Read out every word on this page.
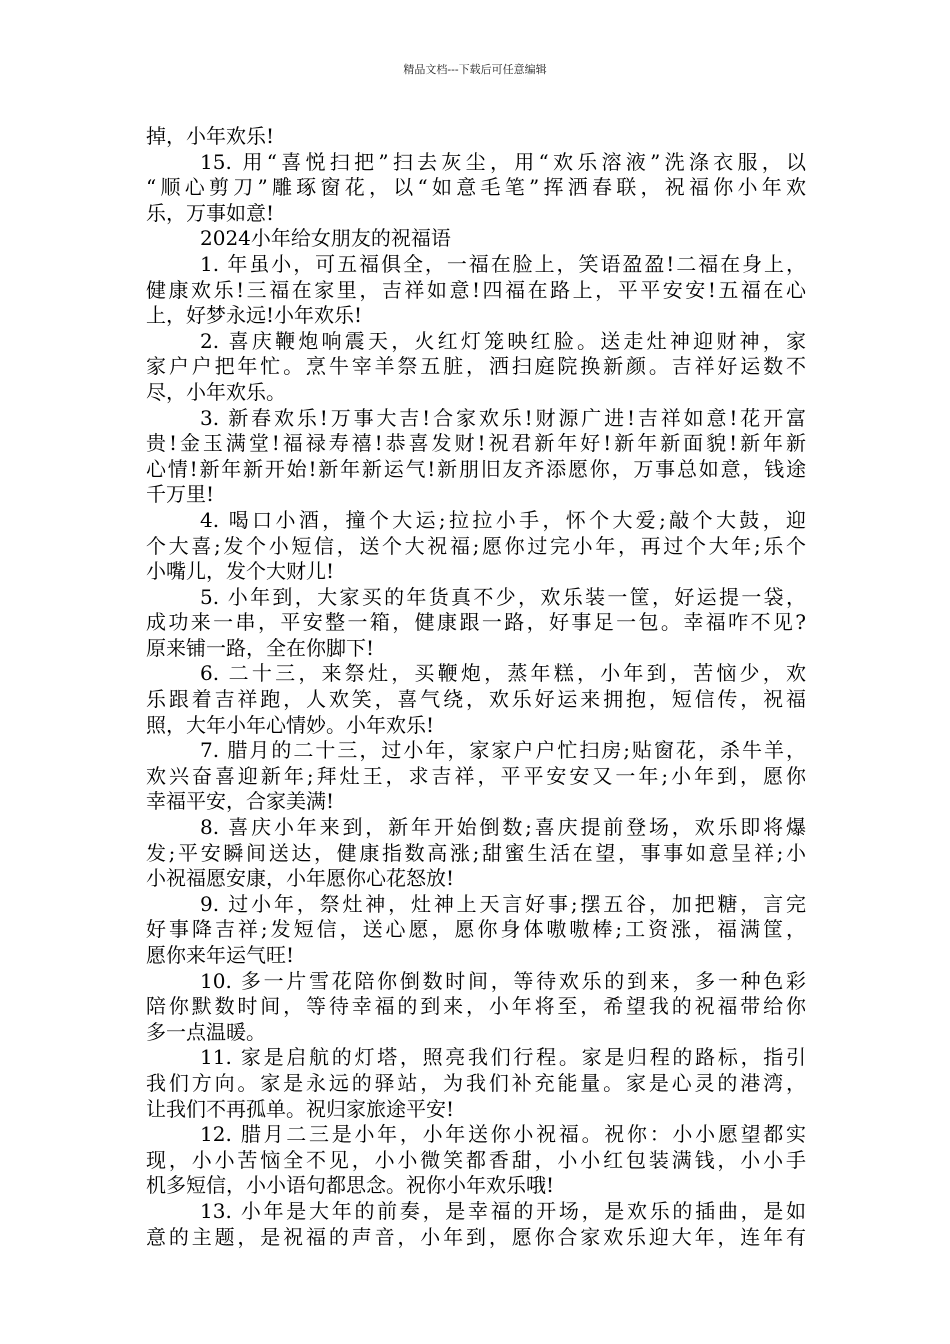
精品文档---下载后可任意编辑
掉，小年欢乐!
15. 用“喜悦扫把”扫去灰尘，用“欢乐溶液”洗涤衣服，以
“顺心剪刀”雕琢窗花，以“如意毛笔”挥洒春联，祝福你小年欢
乐，万事如意!
2024小年给女朋友的祝福语
1. 年虽小，可五福俱全，一福在脸上，笑语盈盈!二福在身上，
健康欢乐!三福在家里，吉祥如意!四福在路上，平平安安!五福在心
上，好梦永远!小年欢乐!
2. 喜庆鞭炮响震天，火红灯笼映红脸。送走灶神迎财神，家
家户户把年忙。烹牛宰羊祭五脏，洒扫庭院换新颜。吉祥好运数不
尽，小年欢乐。
3. 新春欢乐!万事大吉!合家欢乐!财源广进!吉祥如意!花开富
贵!金玉满堂!福禄寿禧!恭喜发财!祝君新年好!新年新面貌!新年新
心情!新年新开始!新年新运气!新朋旧友齐添愿你，万事总如意，钱途
千万里!
4. 喝口小酒，撞个大运;拉拉小手，怀个大爱;敲个大鼓，迎
个大喜;发个小短信，送个大祝福;愿你过完小年，再过个大年;乐个
小嘴儿，发个大财儿!
5. 小年到，大家买的年货真不少，欢乐装一筐，好运提一袋，
成功来一串，平安整一箱，健康跟一路，好事足一包。幸福咋不见?
原来铺一路，全在你脚下!
6. 二十三，来祭灶，买鞭炮，蒸年糕，小年到，苦恼少，欢
乐跟着吉祥跑，人欢笑，喜气绕，欢乐好运来拥抱，短信传，祝福
照，大年小年心情妙。小年欢乐!
7. 腊月的二十三，过小年，家家户户忙扫房;贴窗花，杀牛羊，
欢兴奋喜迎新年;拜灶王，求吉祥，平平安安又一年;小年到，愿你
幸福平安，合家美满!
8. 喜庆小年来到，新年开始倒数;喜庆提前登场，欢乐即将爆
发;平安瞬间送达，健康指数高涨;甜蜜生活在望，事事如意呈祥;小
小祝福愿安康，小年愿你心花怒放!
9. 过小年，祭灶神，灶神上天言好事;摆五谷，加把糖，言完
好事降吉祥;发短信，送心愿，愿你身体嗷嗷棒;工资涨，福满筐，
愿你来年运气旺!
10. 多一片雪花陪你倒数时间，等待欢乐的到来，多一种色彩
陪你默数时间，等待幸福的到来，小年将至，希望我的祝福带给你
多一点温暖。
11. 家是启航的灯塔，照亮我们行程。家是归程的路标，指引
我们方向。家是永远的驿站，为我们补充能量。家是心灵的港湾，
让我们不再孤单。祝归家旅途平安!
12. 腊月二三是小年，小年送你小祝福。祝你：小小愿望都实
现，小小苦恼全不见，小小微笑都香甜，小小红包装满钱，小小手
机多短信，小小语句都思念。祝你小年欢乐哦!
13. 小年是大年的前奏，是幸福的开场，是欢乐的插曲，是如
意的主题，是祝福的声音，小年到，愿你合家欢乐迎大年，连年有
